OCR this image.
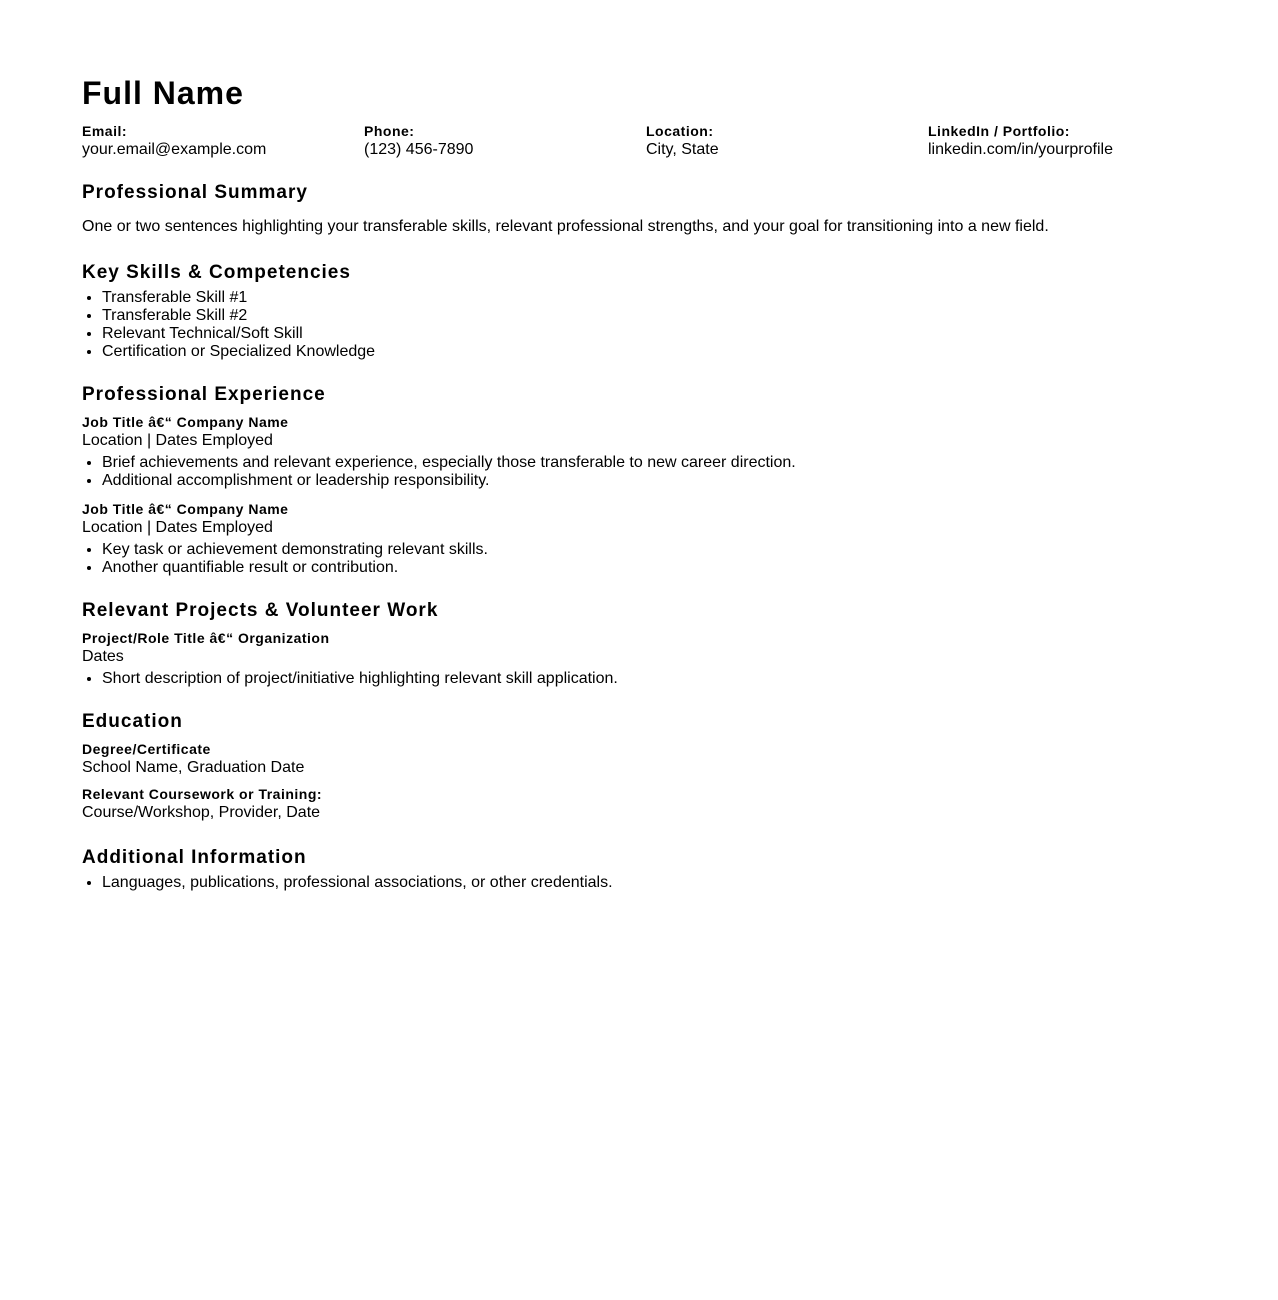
Full Name
Email:
your.email@example.com
Phone:
(123) 456-7890
Location:
City, State
LinkedIn / Portfolio:
linkedin.com/in/yourprofile
Professional Summary

One or two sentences highlighting your transferable skills, relevant professional strengths, and your goal for transitioning into a new field.

Key Skills & Competencies
• Transferable Skill #1
• Transferable Skill #2
• Relevant Technical/Soft Skill
• Certification or Specialized Knowledge
Professional Experience
Job Title â€“ Company Name
Location | Dates Employed
• Brief achievements and relevant experience, especially those transferable to new career direction.
• Additional accomplishment or leadership responsibility.
Job Title â€“ Company Name
Location | Dates Employed
• Key task or achievement demonstrating relevant skills.
• Another quantifiable result or contribution.
Relevant Projects & Volunteer Work
Project/Role Title â€“ Organization
Dates
• Short description of project/initiative highlighting relevant skill application.
Education
Degree/Certificate
School Name, Graduation Date
Relevant Coursework or Training:
Course/Workshop, Provider, Date
Additional Information
• Languages, publications, professional associations, or other credentials.
